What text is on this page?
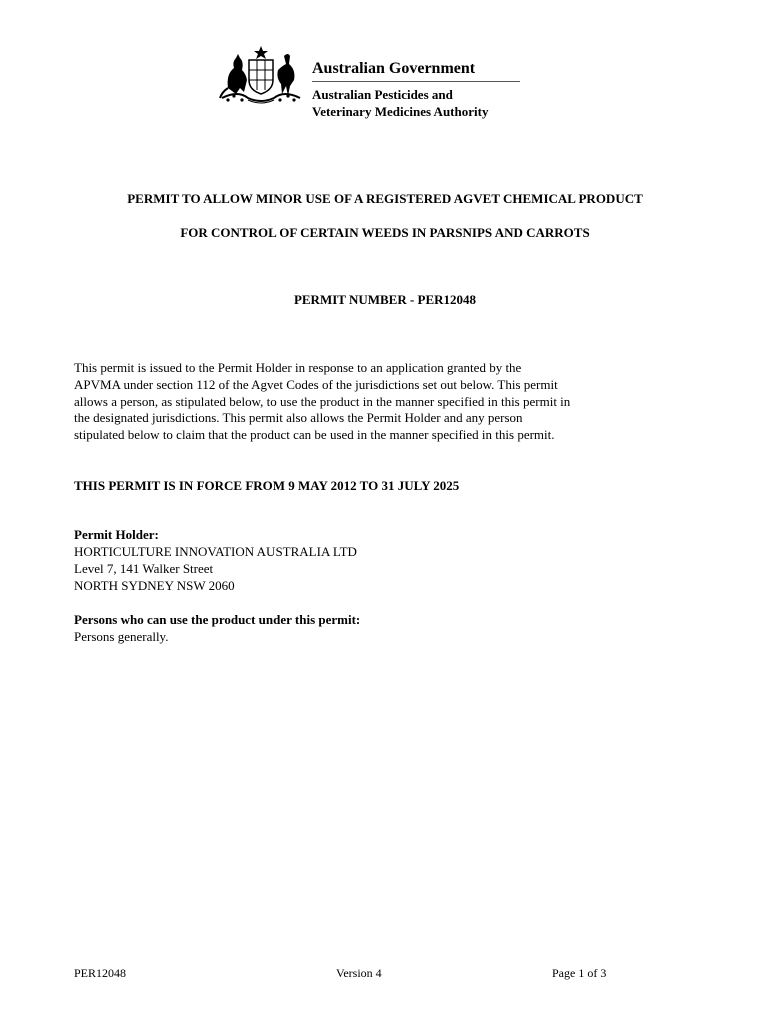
Australian Government
Australian Pesticides and
Veterinary Medicines Authority
PERMIT TO ALLOW MINOR USE OF A REGISTERED AGVET CHEMICAL PRODUCT
FOR CONTROL OF CERTAIN WEEDS IN PARSNIPS AND CARROTS
PERMIT NUMBER - PER12048
This permit is issued to the Permit Holder in response to an application granted by the
APVMA under section 112 of the Agvet Codes of the jurisdictions set out below. This permit
allows a person, as stipulated below, to use the product in the manner specified in this permit in
the designated jurisdictions. This permit also allows the Permit Holder and any person
stipulated below to claim that the product can be used in the manner specified in this permit.
THIS PERMIT IS IN FORCE FROM 9 MAY 2012 TO 31 JULY 2025
Permit Holder:
HORTICULTURE INNOVATION AUSTRALIA LTD
Level 7, 141 Walker Street
NORTH SYDNEY NSW 2060
Persons who can use the product under this permit:
Persons generally.
PER12048	Version 4	Page 1 of 3
